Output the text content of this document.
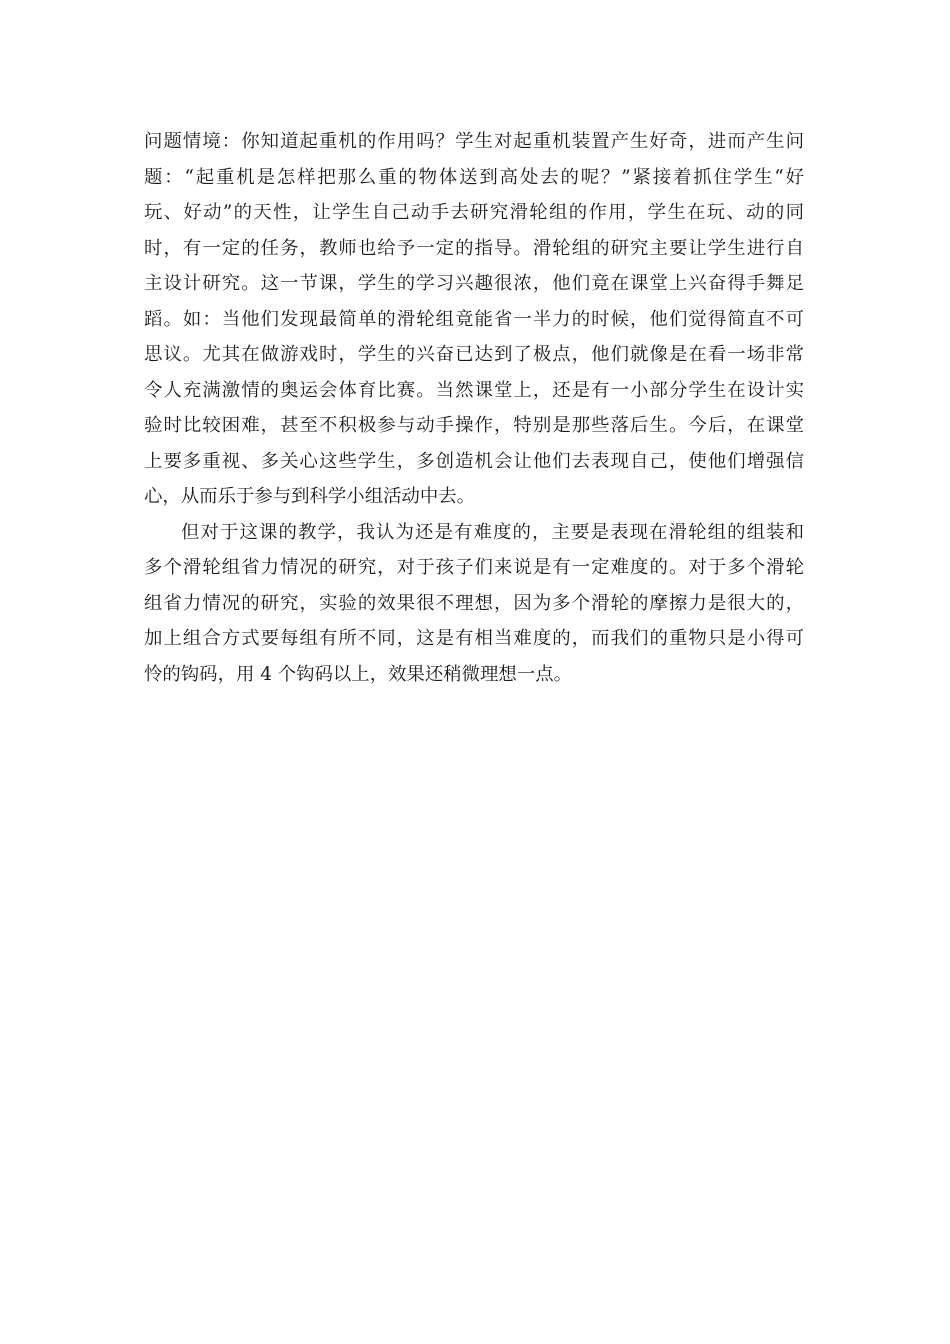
问题情境：你知道起重机的作用吗？学生对起重机装置产生好奇，进而产生问
题：“起重机是怎样把那么重的物体送到高处去的呢？”紧接着抓住学生“好
玩、好动”的天性，让学生自己动手去研究滑轮组的作用，学生在玩、动的同
时，有一定的任务，教师也给予一定的指导。滑轮组的研究主要让学生进行自
主设计研究。这一节课，学生的学习兴趣很浓，他们竟在课堂上兴奋得手舞足
蹈。如：当他们发现最简单的滑轮组竟能省一半力的时候，他们觉得简直不可
思议。尤其在做游戏时，学生的兴奋已达到了极点，他们就像是在看一场非常
令人充满激情的奥运会体育比赛。当然课堂上，还是有一小部分学生在设计实
验时比较困难，甚至不积极参与动手操作，特别是那些落后生。今后，在课堂
上要多重视、多关心这些学生，多创造机会让他们去表现自己，使他们增强信
心，从而乐于参与到科学小组活动中去。
但对于这课的教学，我认为还是有难度的，主要是表现在滑轮组的组装和
多个滑轮组省力情况的研究，对于孩子们来说是有一定难度的。对于多个滑轮
组省力情况的研究，实验的效果很不理想，因为多个滑轮的摩擦力是很大的，
加上组合方式要每组有所不同，这是有相当难度的，而我们的重物只是小得可
怜的钩码，用 4 个钩码以上，效果还稍微理想一点。
